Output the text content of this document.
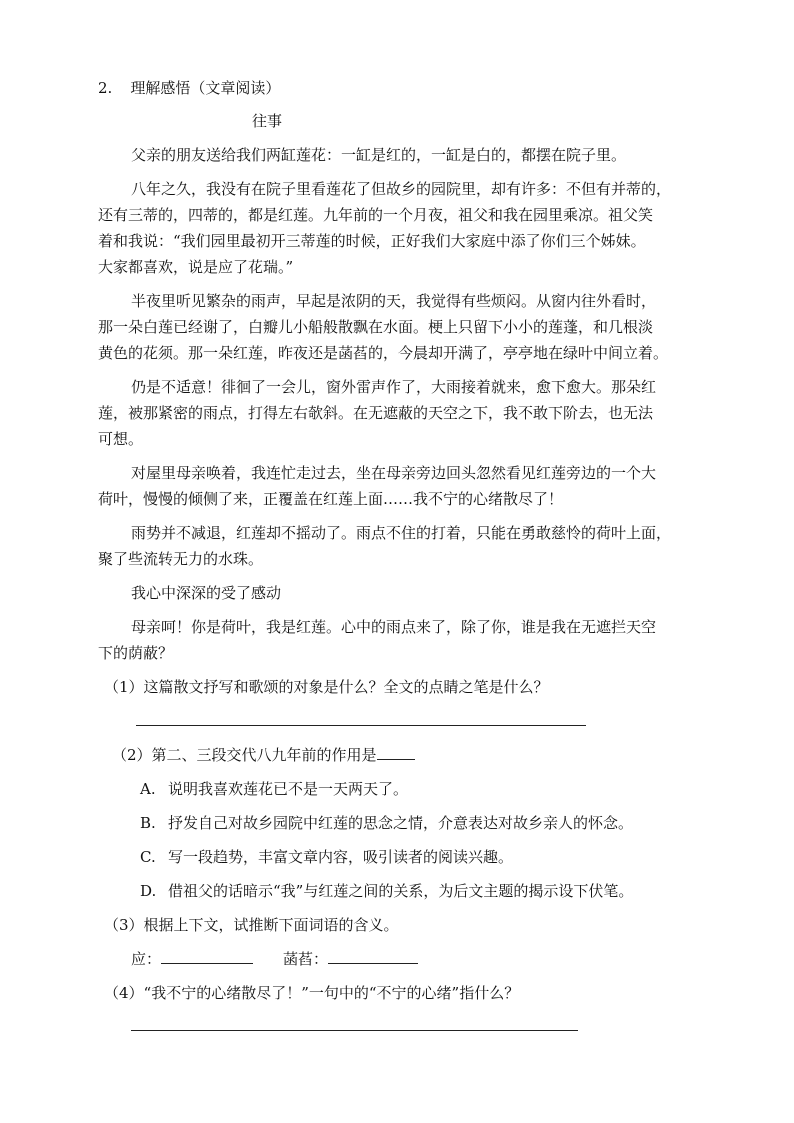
2. 理解感悟（文章阅读）
往事
父亲的朋友送给我们两缸莲花：一缸是红的，一缸是白的，都摆在院子里。
八年之久，我没有在院子里看莲花了但故乡的园院里，却有许多：不但有并蒂的，
还有三蒂的，四蒂的，都是红莲。九年前的一个月夜，祖父和我在园里乘凉。祖父笑
着和我说：“我们园里最初开三蒂莲的时候，正好我们大家庭中添了你们三个姊妹。
大家都喜欢，说是应了花瑞。”
半夜里听见繁杂的雨声，早起是浓阴的天，我觉得有些烦闷。从窗内往外看时，
那一朵白莲已经谢了，白瓣儿小船般散飘在水面。梗上只留下小小的莲蓬，和几根淡
黄色的花须。那一朵红莲，昨夜还是菡萏的，今晨却开满了，亭亭地在绿叶中间立着。
仍是不适意！徘徊了一会儿，窗外雷声作了，大雨接着就来，愈下愈大。那朵红
莲，被那紧密的雨点，打得左右欹斜。在无遮蔽的天空之下，我不敢下阶去，也无法
可想。
对屋里母亲唤着，我连忙走过去，坐在母亲旁边回头忽然看见红莲旁边的一个大
荷叶，慢慢的倾侧了来，正覆盖在红莲上面……我不宁的心绪散尽了！
雨势并不减退，红莲却不摇动了。雨点不住的打着，只能在勇敢慈怜的荷叶上面，
聚了些流转无力的水珠。
我心中深深的受了感动
母亲呵！你是荷叶，我是红莲。心中的雨点来了，除了你，谁是我在无遮拦天空
下的荫蔽？
（1）这篇散文抒写和歌颂的对象是什么？全文的点睛之笔是什么？
（2）第二、三段交代八九年前的作用是
A. 说明我喜欢莲花已不是一天两天了。
B. 抒发自己对故乡园院中红莲的思念之情，介意表达对故乡亲人的怀念。
C. 写一段趋势，丰富文章内容，吸引读者的阅读兴趣。
D. 借祖父的话暗示“我”与红莲之间的关系，为后文主题的揭示设下伏笔。
（3）根据上下文，试推断下面词语的含义。
应：	菡萏：
（4）“我不宁的心绪散尽了！”一句中的“不宁的心绪”指什么？
